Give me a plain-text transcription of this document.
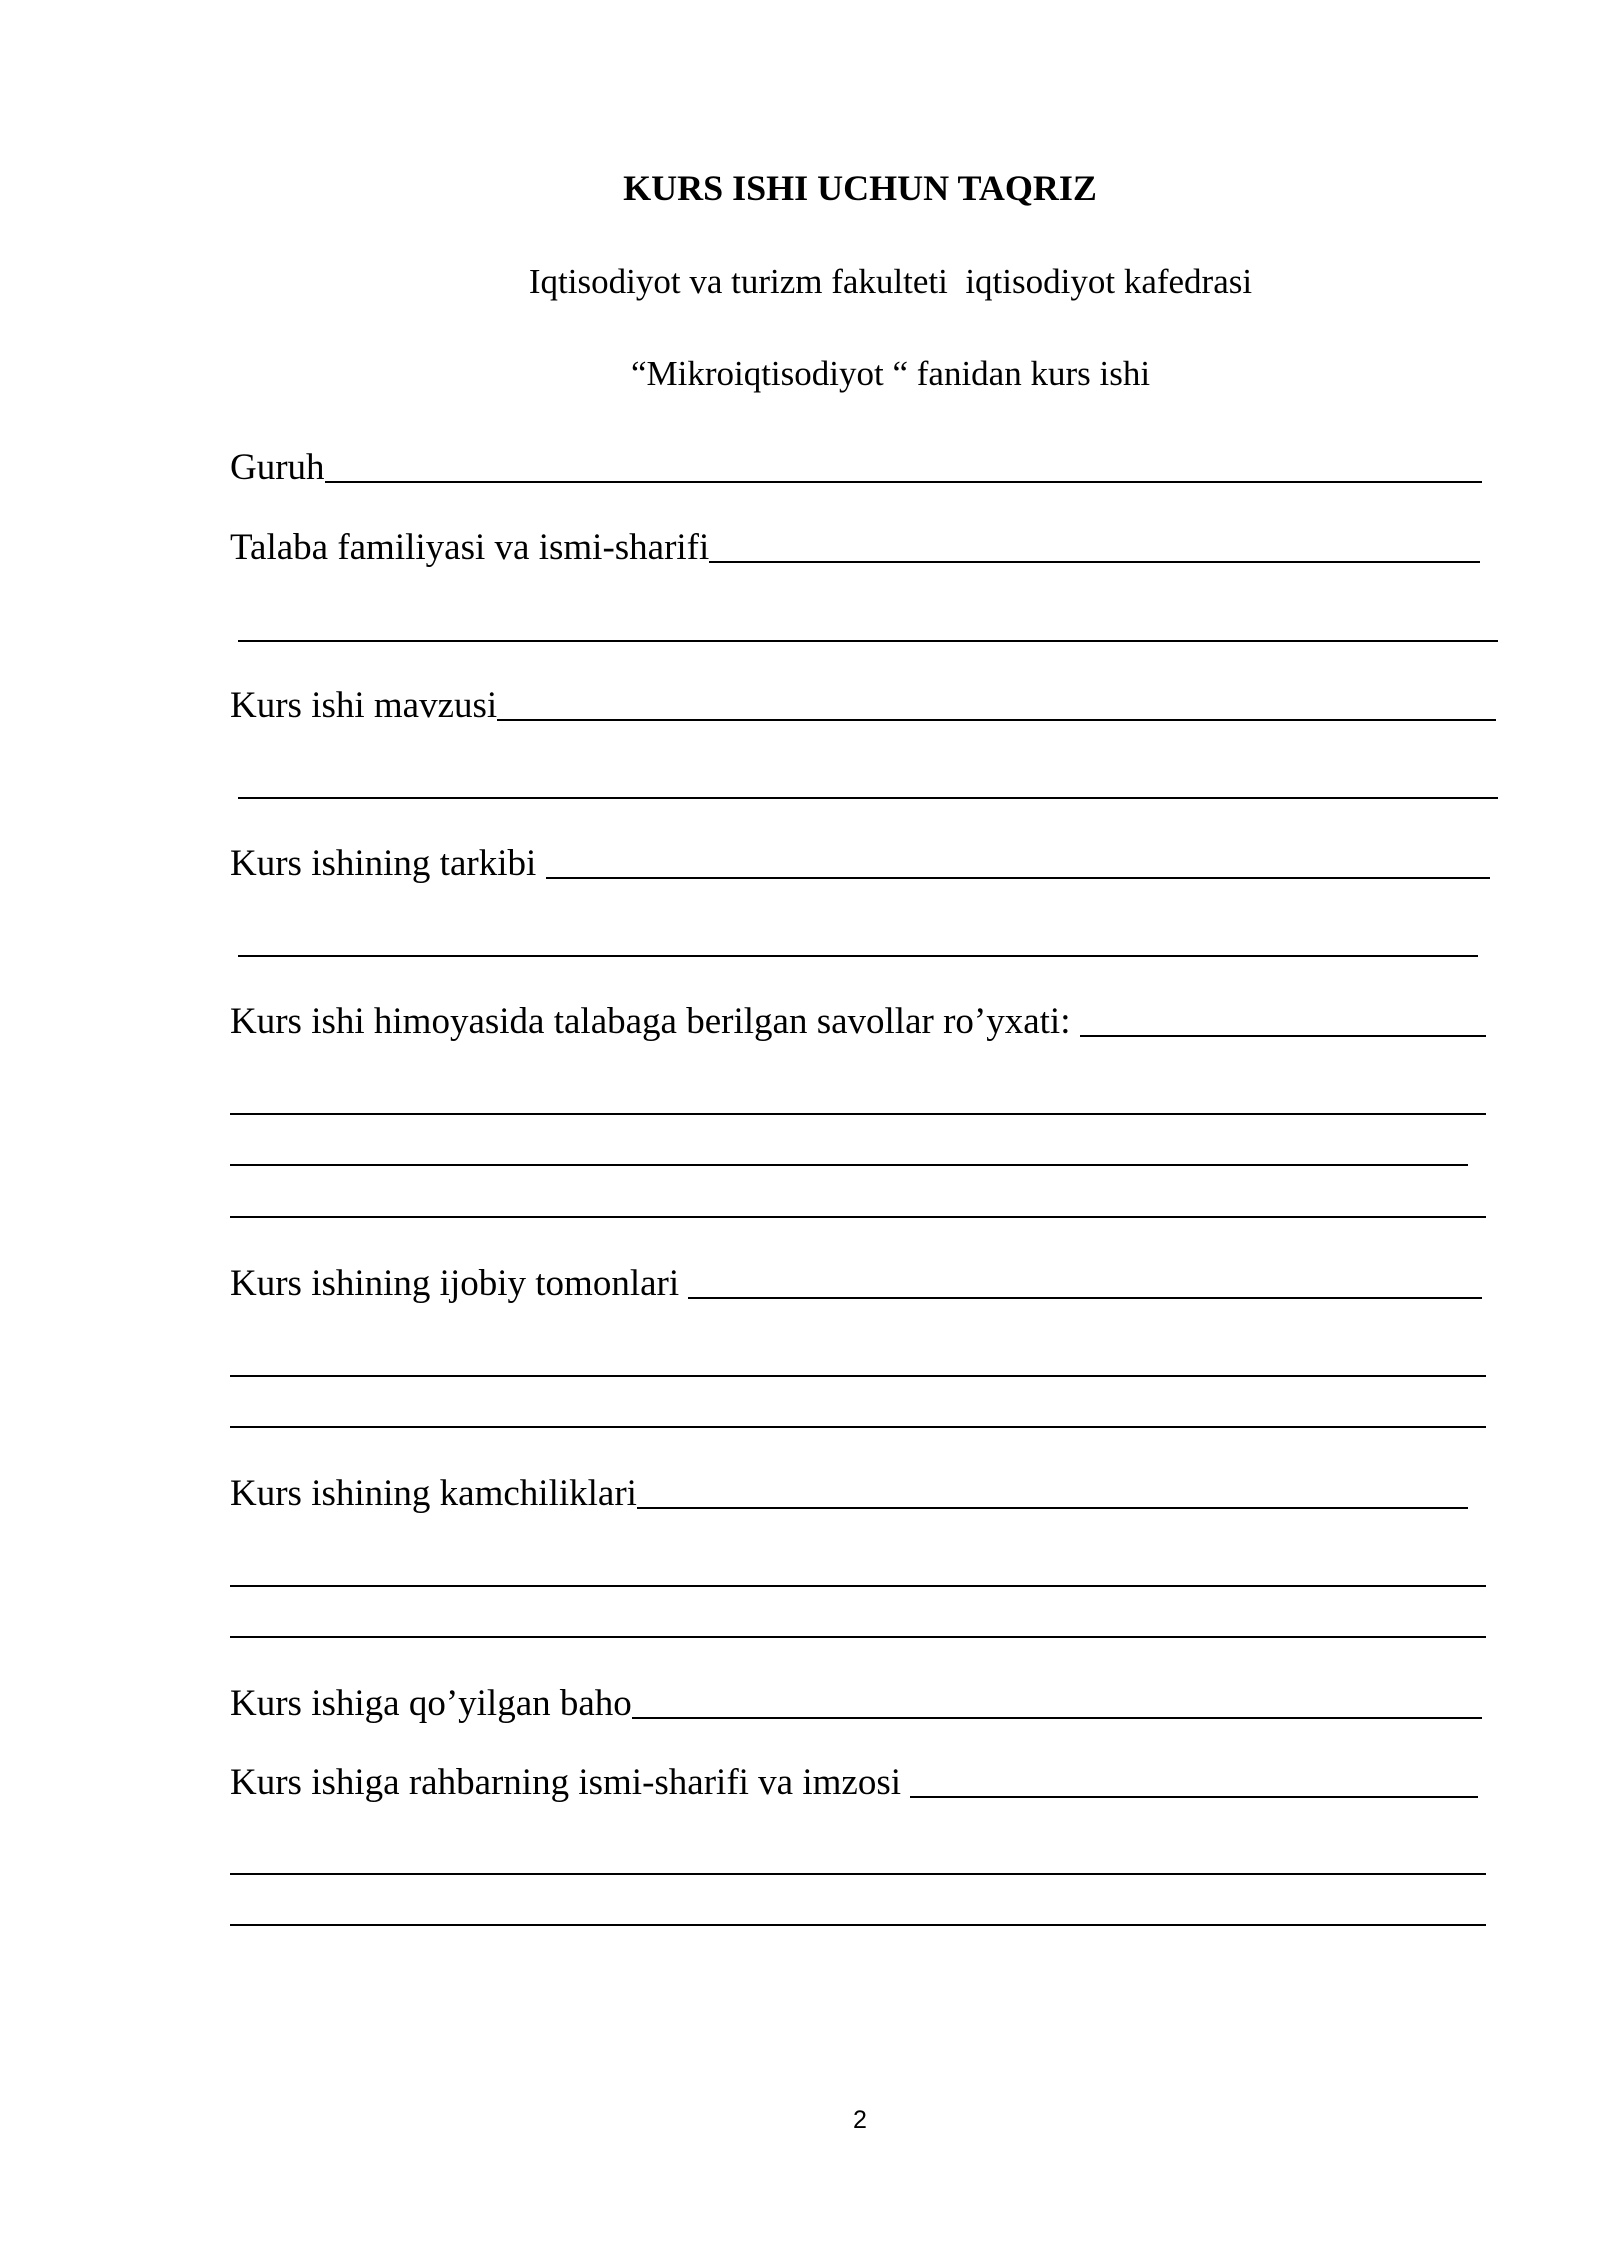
KURS ISHI UCHUN TAQRIZ
Iqtisodiyot va turizm fakulteti  iqtisodiyot kafedrasi
“Mikroiqtisodiyot “ fanidan kurs ishi
Guruh
Talaba familiyasi va ismi-sharifi
Kurs ishi mavzusi
Kurs ishining tarkibi
Kurs ishi himoyasida talabaga berilgan savollar ro’yxati:
Kurs ishining ijobiy tomonlari
Kurs ishining kamchiliklari
Kurs ishiga qo’yilgan baho
Kurs ishiga rahbarning ismi-sharifi va imzosi
2
